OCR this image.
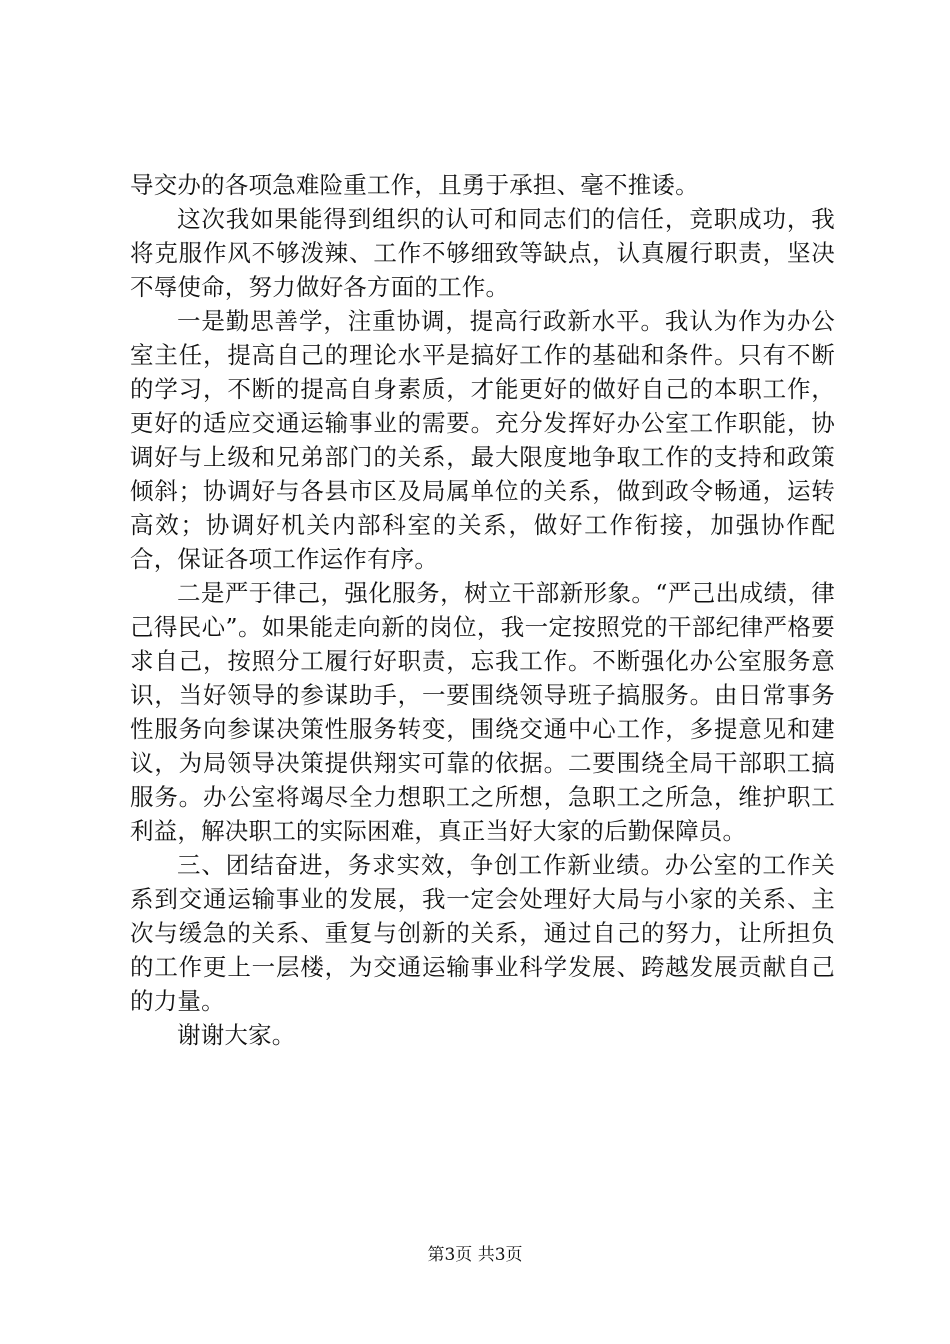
导交办的各项急难险重工作，且勇于承担、毫不推诿。

这次我如果能得到组织的认可和同志们的信任，竞职成功，我将克服作风不够泼辣、工作不够细致等缺点，认真履行职责，坚决不辱使命，努力做好各方面的工作。

一是勤思善学，注重协调，提高行政新水平。我认为作为办公室主任，提高自己的理论水平是搞好工作的基础和条件。只有不断的学习，不断的提高自身素质，才能更好的做好自己的本职工作，更好的适应交通运输事业的需要。充分发挥好办公室工作职能，协调好与上级和兄弟部门的关系，最大限度地争取工作的支持和政策倾斜；协调好与各县市区及局属单位的关系，做到政令畅通，运转高效；协调好机关内部科室的关系，做好工作衔接，加强协作配合，保证各项工作运作有序。

二是严于律己，强化服务，树立干部新形象。“严己出成绩，律己得民心”。如果能走向新的岗位，我一定按照党的干部纪律严格要求自己，按照分工履行好职责，忘我工作。不断强化办公室服务意识，当好领导的参谋助手，一要围绕领导班子搞服务。由日常事务性服务向参谋决策性服务转变，围绕交通中心工作，多提意见和建议，为局领导决策提供翔实可靠的依据。二要围绕全局干部职工搞服务。办公室将竭尽全力想职工之所想，急职工之所急，维护职工利益，解决职工的实际困难，真正当好大家的后勤保障员。

三、团结奋进，务求实效，争创工作新业绩。办公室的工作关系到交通运输事业的发展，我一定会处理好大局与小家的关系、主次与缓急的关系、重复与创新的关系，通过自己的努力，让所担负的工作更上一层楼，为交通运输事业科学发展、跨越发展贡献自己的力量。

谢谢大家。

第3页 共3页
